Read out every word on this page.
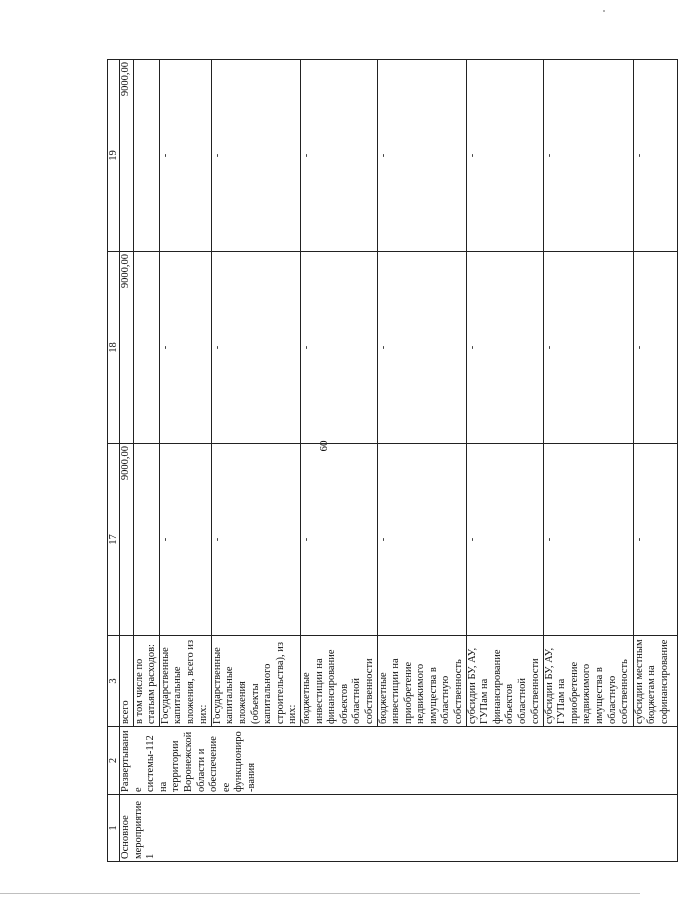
60
1	2	3	17	18	19
Основное мероприятие 1	Развертывание системы-112 на территории Воронежской области и обеспечение ее функциониро-вания	всего	9000,00	9000,00	9000,00
		в том числе по статьям расходов:			
		Государственные капитальные вложения, всего из них:	-	-	-
		Государственные капитальные вложения (объекты капитального строительства), из них:	-	-	-
		бюджетные инвестиции на финансирование объектов областной собственности	-	-	-
		бюджетные инвестиции на приобретение недвижимого имущества в областную собственность	-	-	-
		субсидии БУ, АУ, ГУПам на финансирование объектов областной собственности	-	-	-
		субсидии БУ, АУ, ГУПам на приобретение недвижимого имущества в областную собственность	-	-	-
		субсидии местным бюджетам на софинансирование	-	-	-
